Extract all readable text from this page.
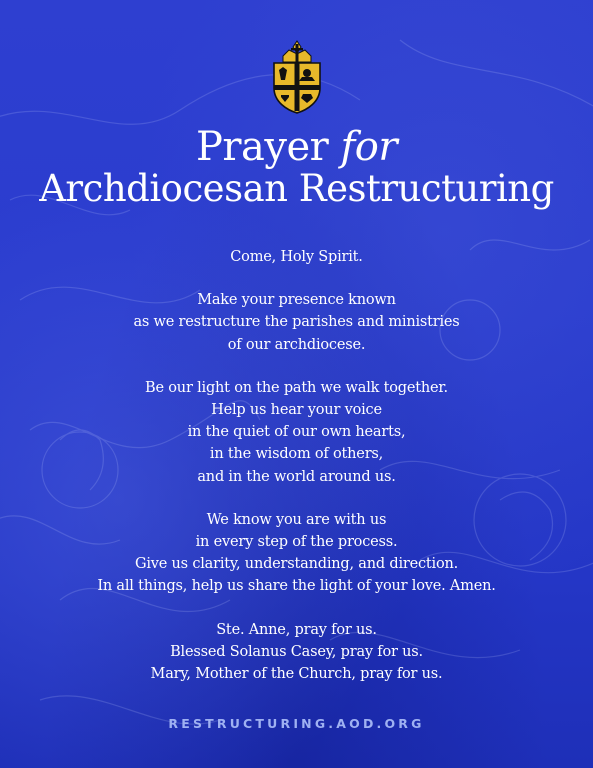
Prayer for
Archdiocesan Restructuring
Come, Holy Spirit.
Make your presence known
as we restructure the parishes and ministries
of our archdiocese.
Be our light on the path we walk together.
Help us hear your voice
in the quiet of our own hearts,
in the wisdom of others,
and in the world around us.
We know you are with us
in every step of the process.
Give us clarity, understanding, and direction.
In all things, help us share the light of your love. Amen.
Ste. Anne, pray for us.
Blessed Solanus Casey, pray for us.
Mary, Mother of the Church, pray for us.
RESTRUCTURING.AOD.ORG
